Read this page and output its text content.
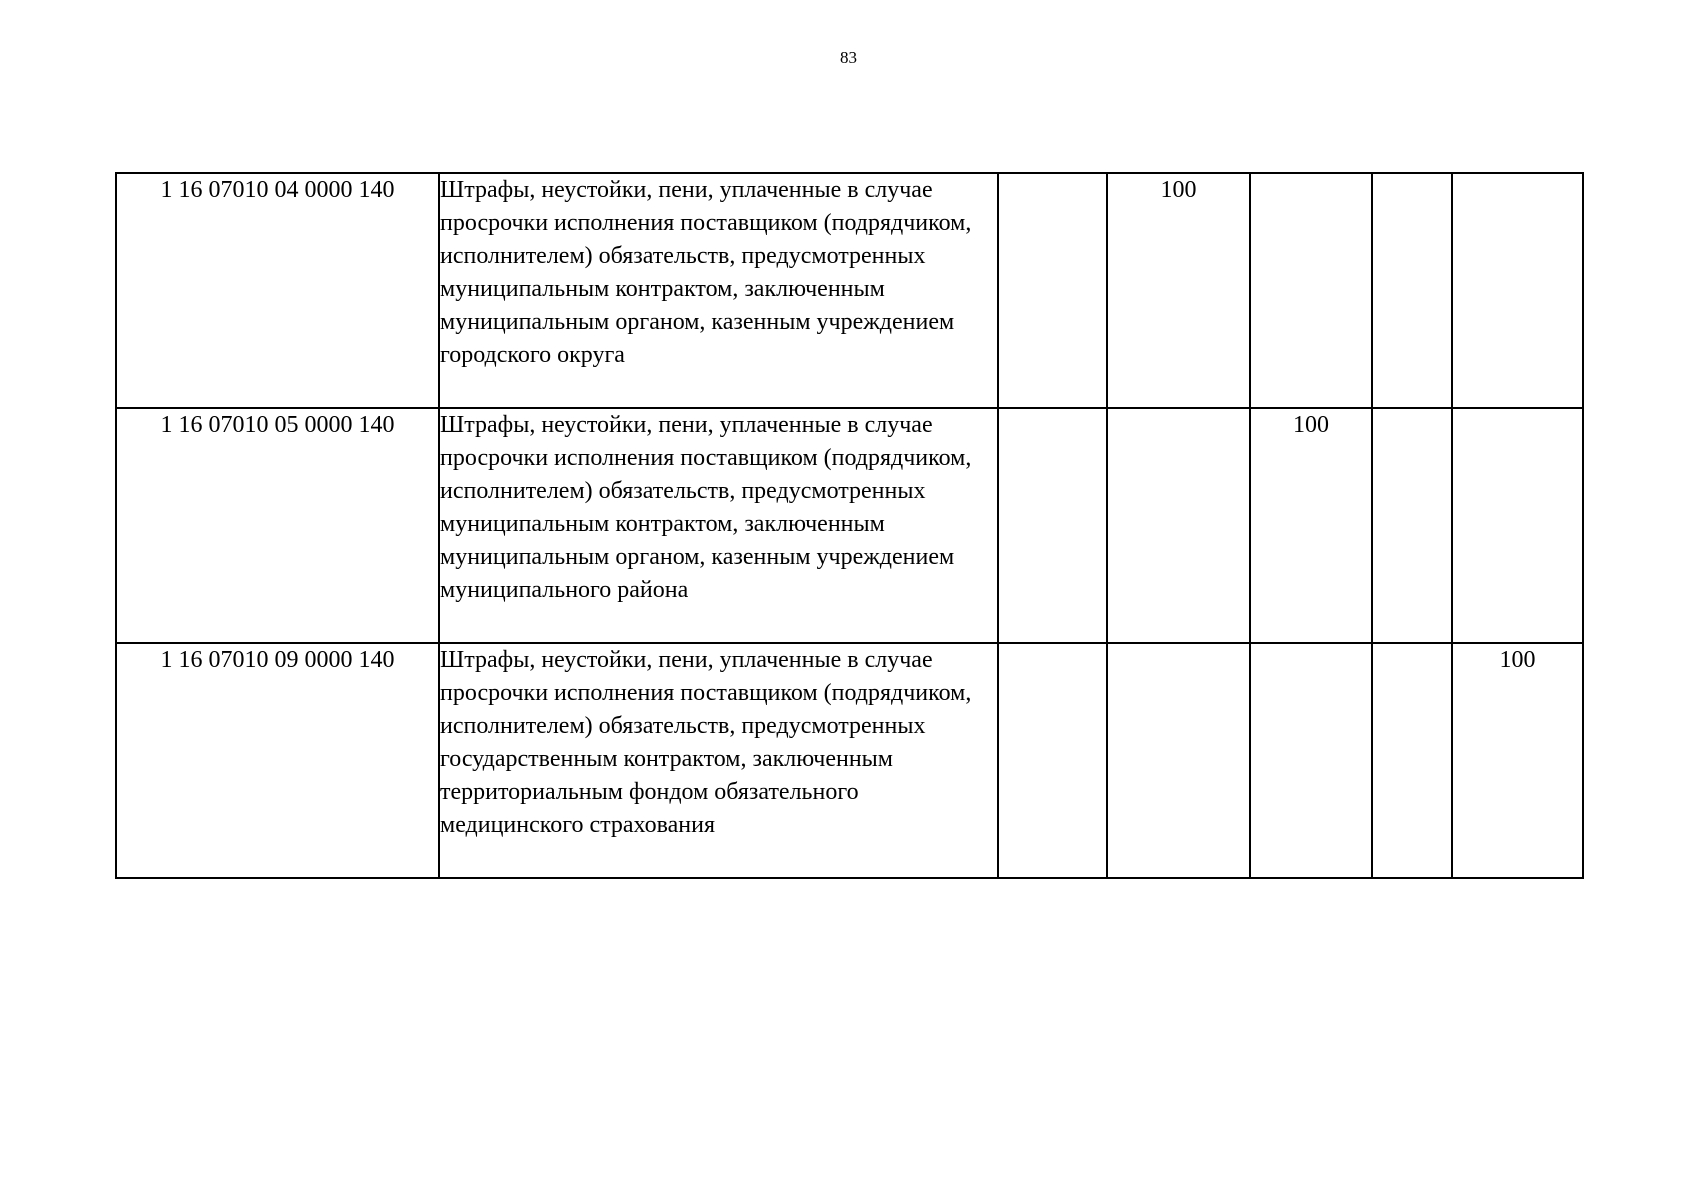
83
1 16 07010 04 0000 140	Штрафы, неустойки, пени, уплаченные в случае просрочки исполнения поставщиком (подрядчиком, исполнителем) обязательств, предусмотренных муниципальным контрактом, заключенным муниципальным органом, казенным учреждением городского округа		100			
1 16 07010 05 0000 140	Штрафы, неустойки, пени, уплаченные в случае просрочки исполнения поставщиком (подрядчиком, исполнителем) обязательств, предусмотренных муниципальным контрактом, заключенным муниципальным органом, казенным учреждением муниципального района			100		
1 16 07010 09 0000 140	Штрафы, неустойки, пени, уплаченные в случае просрочки исполнения поставщиком (подрядчиком, исполнителем) обязательств, предусмотренных государственным контрактом, заключенным территориальным фондом обязательного медицинского страхования					100
